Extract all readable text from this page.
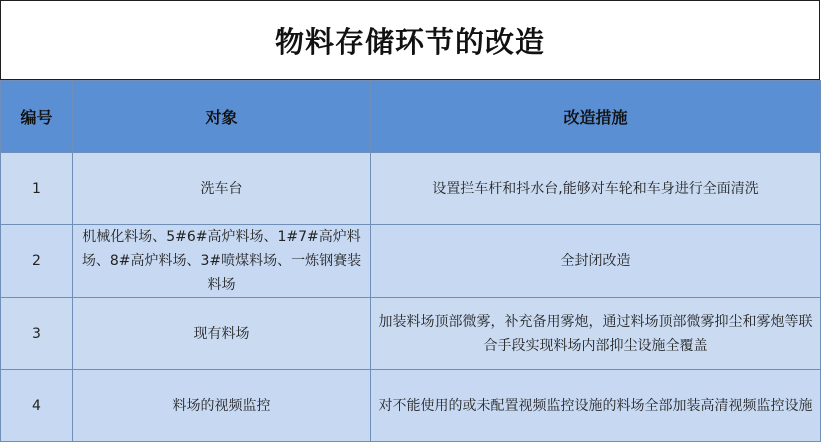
物料存储环节的改造
编号	对象	改造措施
1	洗车台	设置拦车杆和抖水台,能够对车轮和车身进行全面清洗
2	机械化料场、5#6#高炉料场、1#7#高炉料场、8#高炉料场、3#喷煤料场、一炼钢賽装料场	全封闭改造
3	现有料场	加装料场顶部微雾，补充备用雾炮，通过料场顶部微雾抑尘和雾炮等联合手段实现料场内部抑尘设施全覆盖
4	料场的视频监控	对不能使用的或未配置视频监控设施的料场全部加装高清视频监控设施
